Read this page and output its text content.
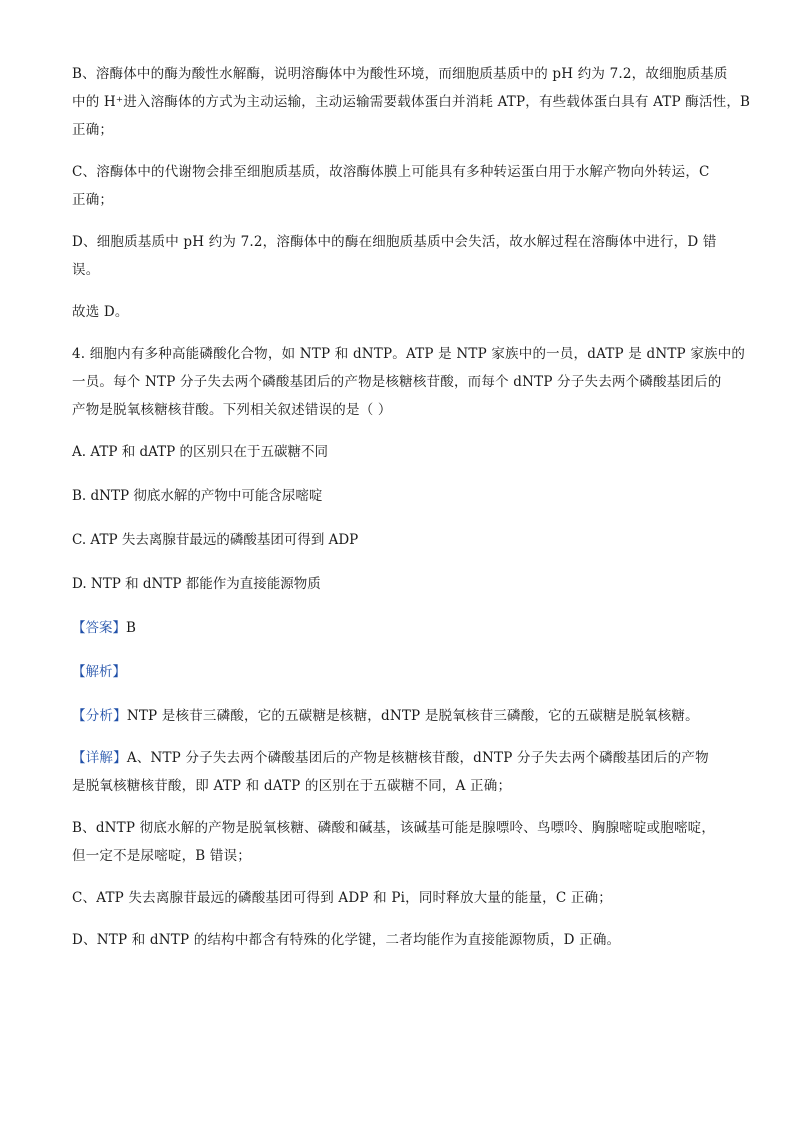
B、溶酶体中的酶为酸性水解酶，说明溶酶体中为酸性环境，而细胞质基质中的 pH 约为 7.2，故细胞质基质
中的 H⁺进入溶酶体的方式为主动运输，主动运输需要载体蛋白并消耗 ATP，有些载体蛋白具有 ATP 酶活性，B
正确；

C、溶酶体中的代谢物会排至细胞质基质，故溶酶体膜上可能具有多种转运蛋白用于水解产物向外转运，C
正确；

D、细胞质基质中 pH 约为 7.2，溶酶体中的酶在细胞质基质中会失活，故水解过程在溶酶体中进行，D 错
误。

故选 D。

4. 细胞内有多种高能磷酸化合物，如 NTP 和 dNTP。ATP 是 NTP 家族中的一员，dATP 是 dNTP 家族中的
一员。每个 NTP 分子失去两个磷酸基团后的产物是核糖核苷酸，而每个 dNTP 分子失去两个磷酸基团后的
产物是脱氧核糖核苷酸。下列相关叙述错误的是（ ）

A. ATP 和 dATP 的区别只在于五碳糖不同

B. dNTP 彻底水解的产物中可能含尿嘧啶

C. ATP 失去离腺苷最远的磷酸基团可得到 ADP

D. NTP 和 dNTP 都能作为直接能源物质

【答案】B

【解析】

【分析】NTP 是核苷三磷酸，它的五碳糖是核糖，dNTP 是脱氧核苷三磷酸，它的五碳糖是脱氧核糖。

【详解】A、NTP 分子失去两个磷酸基团后的产物是核糖核苷酸，dNTP 分子失去两个磷酸基团后的产物
是脱氧核糖核苷酸，即 ATP 和 dATP 的区别在于五碳糖不同，A 正确；

B、dNTP 彻底水解的产物是脱氧核糖、磷酸和碱基，该碱基可能是腺嘌呤、鸟嘌呤、胸腺嘧啶或胞嘧啶，
但一定不是尿嘧啶，B 错误；

C、ATP 失去离腺苷最远的磷酸基团可得到 ADP 和 Pi，同时释放大量的能量，C 正确；

D、NTP 和 dNTP 的结构中都含有特殊的化学键，二者均能作为直接能源物质，D 正确。
